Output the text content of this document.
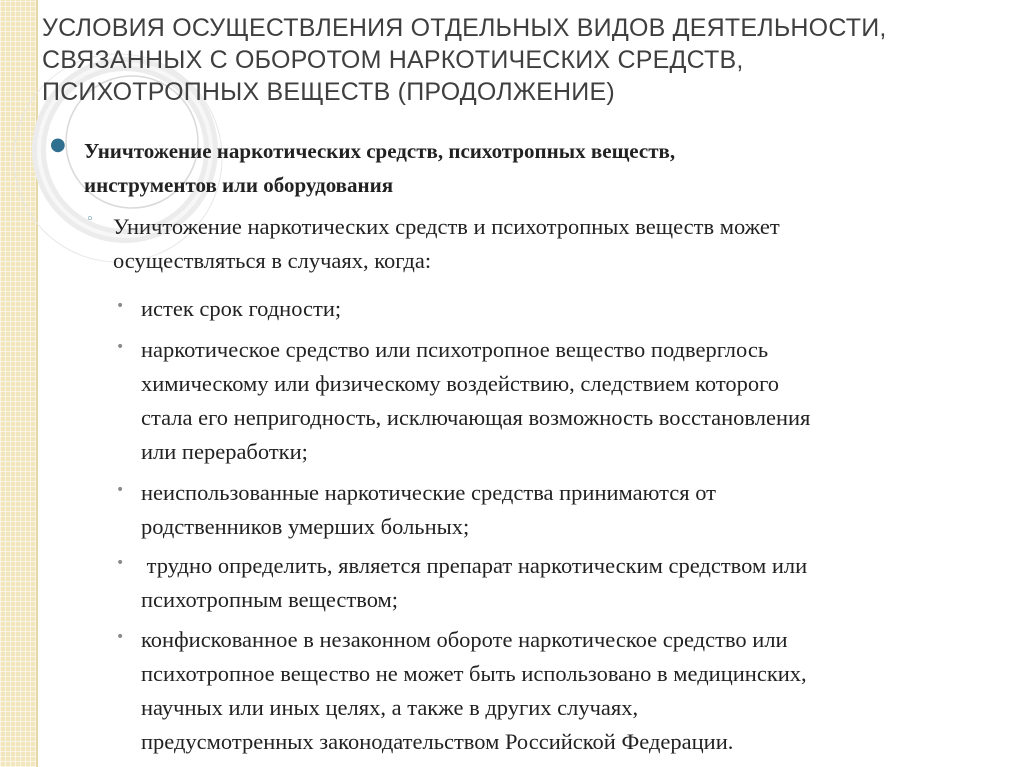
УСЛОВИЯ ОСУЩЕСТВЛЕНИЯ ОТДЕЛЬНЫХ ВИДОВ ДЕЯТЕЛЬНОСТИ,
СВЯЗАННЫХ С ОБОРОТОМ НАРКОТИЧЕСКИХ СРЕДСТВ,
ПСИХОТРОПНЫХ ВЕЩЕСТВ (ПРОДОЛЖЕНИЕ)
● Уничтожение наркотических средств, психотропных веществ,
инструментов или оборудования
◦ Уничтожение наркотических средств и психотропных веществ может
осуществляться в случаях, когда:
• истек срок годности;
• наркотическое средство или психотропное вещество подверглось
химическому или физическому воздействию, следствием которого
стала его непригодность, исключающая возможность восстановления
или переработки;
• неиспользованные наркотические средства принимаются от
родственников умерших больных;
• трудно определить, является препарат наркотическим средством или
психотропным веществом;
• конфискованное в незаконном обороте наркотическое средство или
психотропное вещество не может быть использовано в медицинских,
научных или иных целях, а также в других случаях,
предусмотренных законодательством Российской Федерации.
